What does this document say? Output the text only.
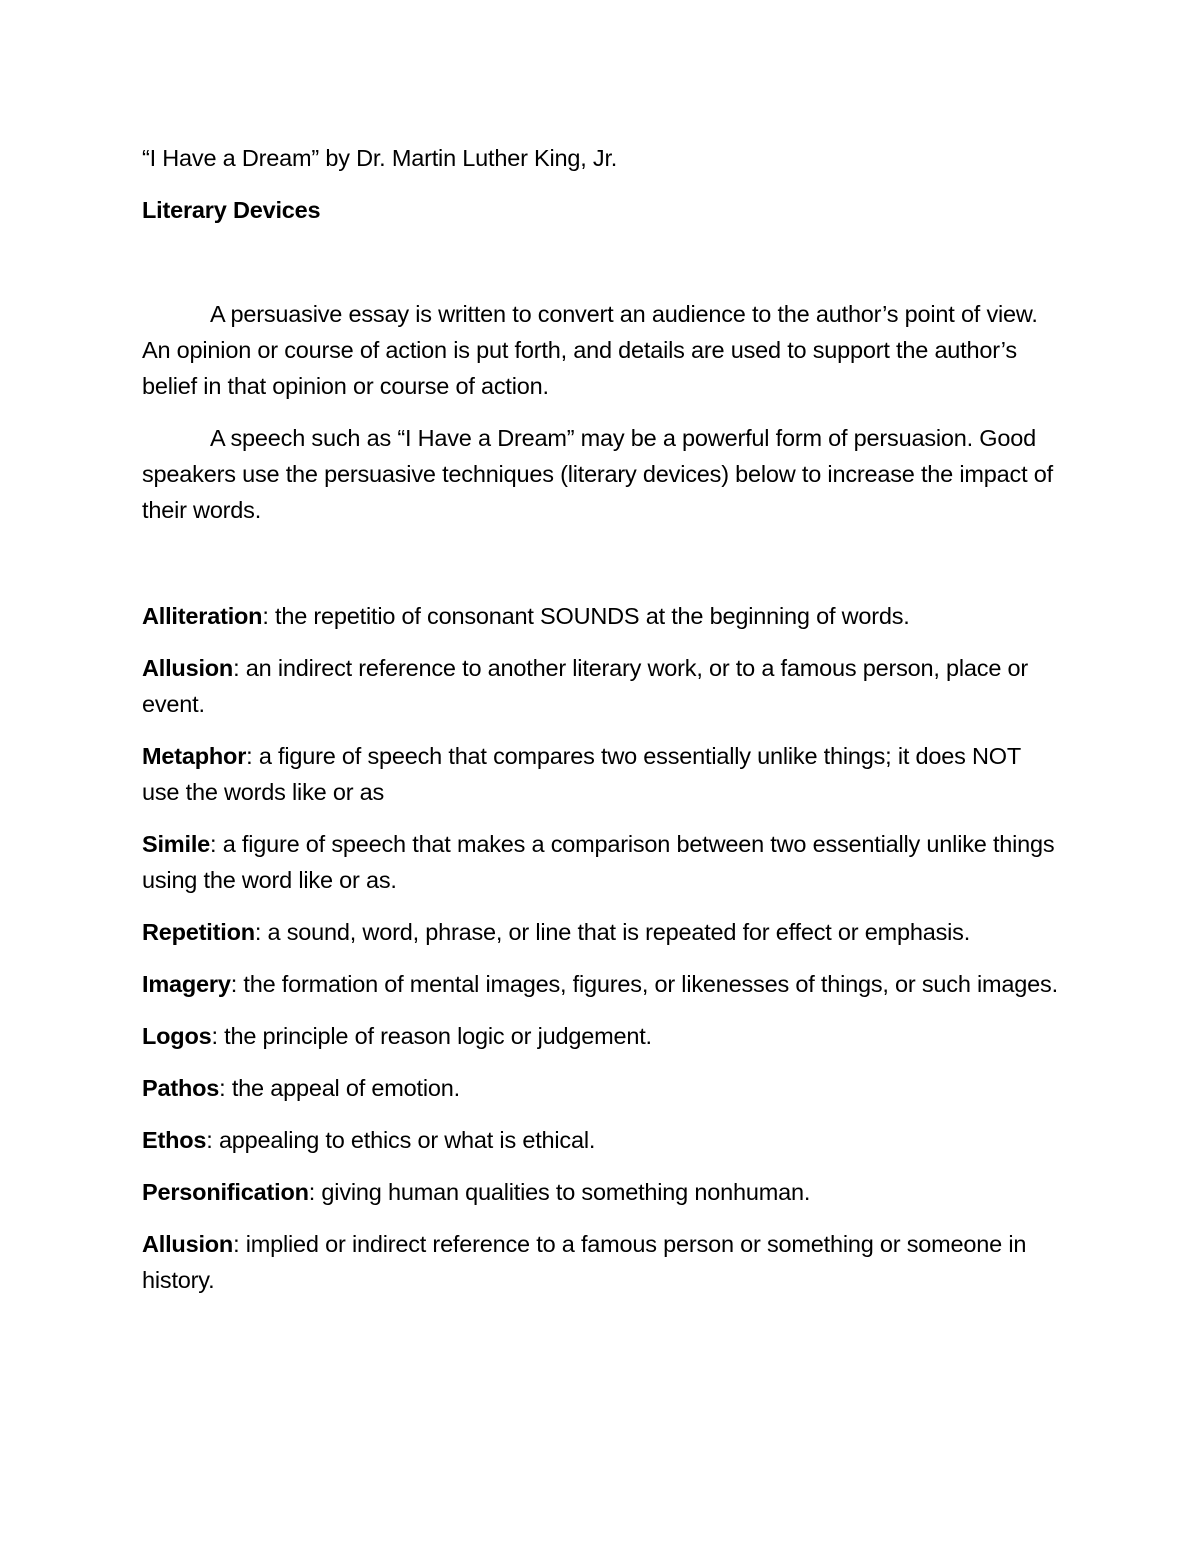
“I Have a Dream” by Dr. Martin Luther King, Jr.

Literary Devices

A persuasive essay is written to convert an audience to the author’s point of view. An opinion or course of action is put forth, and details are used to support the author’s belief in that opinion or course of action.

A speech such as “I Have a Dream” may be a powerful form of persuasion. Good speakers use the persuasive techniques (literary devices) below to increase the impact of their words.

Alliteration: the repetitio of consonant SOUNDS at the beginning of words.

Allusion: an indirect reference to another literary work, or to a famous person, place or event.

Metaphor: a figure of speech that compares two essentially unlike things; it does NOT use the words like or as

Simile: a figure of speech that makes a comparison between two essentially unlike things using the word like or as.

Repetition: a sound, word, phrase, or line that is repeated for effect or emphasis.

Imagery: the formation of mental images, figures, or likenesses of things, or such images.

Logos: the principle of reason logic or judgement.

Pathos: the appeal of emotion.

Ethos: appealing to ethics or what is ethical.

Personification: giving human qualities to something nonhuman.

Allusion: implied or indirect reference to a famous person or something or someone in history.
